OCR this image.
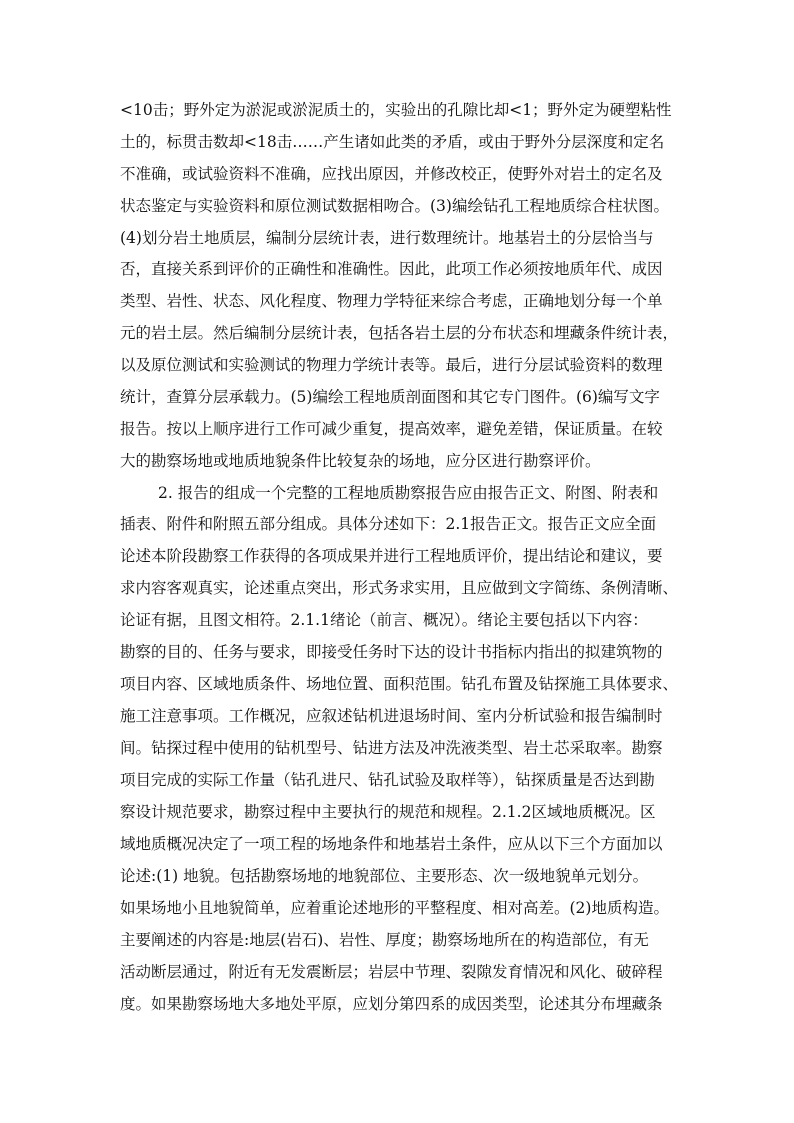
<10击；野外定为淤泥或淤泥质土的，实验出的孔隙比却<1；野外定为硬塑粘性
土的，标贯击数却<18击……产生诸如此类的矛盾，或由于野外分层深度和定名
不准确，或试验资料不准确，应找出原因，并修改校正，使野外对岩土的定名及
状态鉴定与实验资料和原位测试数据相吻合。(3)编绘钻孔工程地质综合柱状图。
(4)划分岩土地质层，编制分层统计表，进行数理统计。地基岩土的分层恰当与
否，直接关系到评价的正确性和准确性。因此，此项工作必须按地质年代、成因
类型、岩性、状态、风化程度、物理力学特征来综合考虑，正确地划分每一个单
元的岩土层。然后编制分层统计表，包括各岩土层的分布状态和埋藏条件统计表，
以及原位测试和实验测试的物理力学统计表等。最后，进行分层试验资料的数理
统计，查算分层承载力。(5)编绘工程地质剖面图和其它专门图件。(6)编写文字
报告。按以上顺序进行工作可减少重复，提高效率，避免差错，保证质量。在较
大的勘察场地或地质地貌条件比较复杂的场地，应分区进行勘察评价。
2. 报告的组成一个完整的工程地质勘察报告应由报告正文、附图、附表和
插表、附件和附照五部分组成。具体分述如下：2.1报告正文。报告正文应全面
论述本阶段勘察工作获得的各项成果并进行工程地质评价，提出结论和建议，要
求内容客观真实，论述重点突出，形式务求实用，且应做到文字简练、条例清晰、
论证有据，且图文相符。2.1.1绪论（前言、概况）。绪论主要包括以下内容：
勘察的目的、任务与要求，即接受任务时下达的设计书指标内指出的拟建筑物的
项目内容、区域地质条件、场地位置、面积范围。钻孔布置及钻探施工具体要求、
施工注意事项。工作概况，应叙述钻机进退场时间、室内分析试验和报告编制时
间。钻探过程中使用的钻机型号、钻进方法及冲洗液类型、岩土芯采取率。勘察
项目完成的实际工作量（钻孔进尺、钻孔试验及取样等），钻探质量是否达到勘
察设计规范要求，勘察过程中主要执行的规范和规程。2.1.2区域地质概况。区
域地质概况决定了一项工程的场地条件和地基岩土条件，应从以下三个方面加以
论述:(1) 地貌。包括勘察场地的地貌部位、主要形态、次一级地貌单元划分。
如果场地小且地貌简单，应着重论述地形的平整程度、相对高差。(2)地质构造。
主要阐述的内容是:地层(岩石)、岩性、厚度；勘察场地所在的构造部位，有无
活动断层通过，附近有无发震断层；岩层中节理、裂隙发育情况和风化、破碎程
度。如果勘察场地大多地处平原，应划分第四系的成因类型，论述其分布埋藏条
